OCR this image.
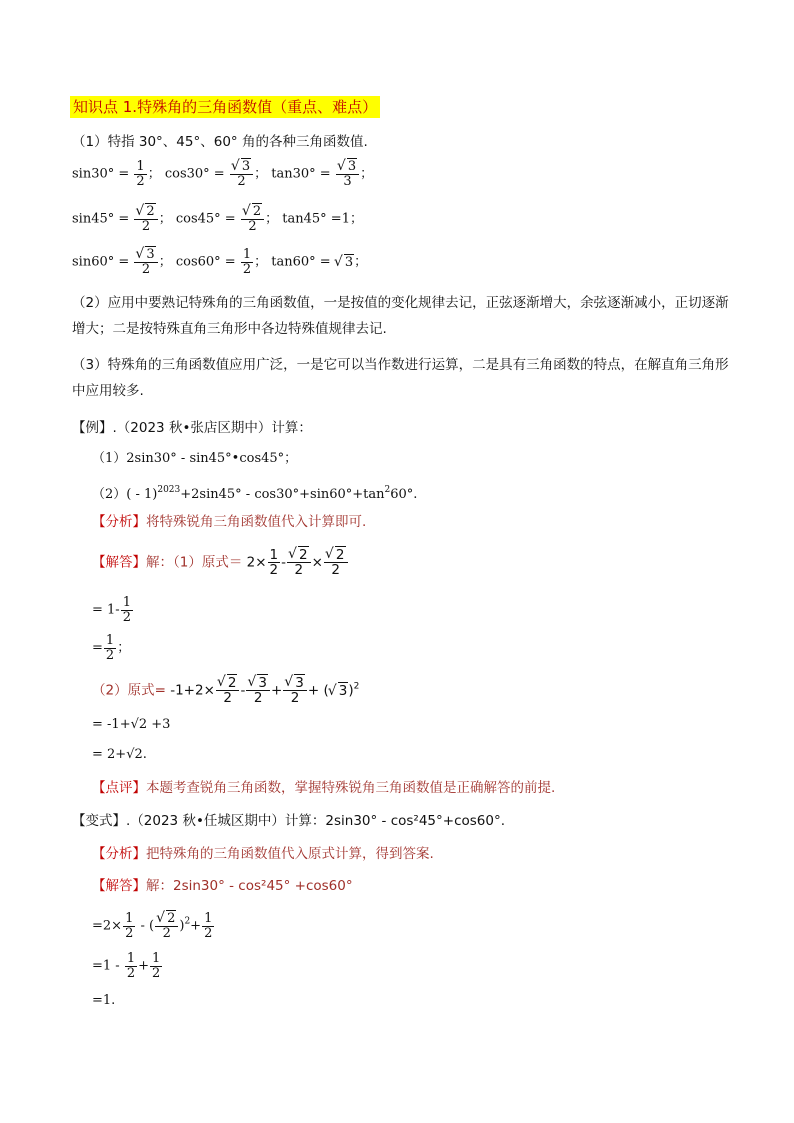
知识点 1.特殊角的三角函数值（重点、难点）
（1）特指 30°、45°、60° 角的各种三角函数值.
$\sin 30^\circ = \frac{1}{2}$ ； cos30° = √ $\frac{3}{2}$ ； tan30° = √ $\frac{3}{3}$ ；
sin45° = √ $\frac{2}{2}$ ； cos45° = √ $\frac{2}{2}$ ； tan45° =1；
sin60° = √ $\frac{3}{2}$ ； $\cos 60^\circ = \frac{1}{2}$ ； tan60° = √ 3；
（2）应用中要熟记特殊角的三角函数值，一是按值的变化规律去记，正弦逐渐增大，余弦逐渐减小，正切逐渐增大；二是按特殊直角三角形中各边特殊值规律去记.
（3）特殊角的三角函数值应用广泛，一是它可以当作数进行运算，二是具有三角函数的特点，在解直角三角形中应用较多.
【例】.（2023 秋•张店区期中）计算：
（1）2sin30° - sin45°•cos45°；
$(2)( - 1)^{2023}+2\sin 45^\circ - \cos 30^\circ+\sin 60^\circ+\tan^260^\circ$.
【分析】将特殊锐角三角函数值代入计算即可.
【解答】解：（1）原式＝ $2\times \frac{1}{2}$ - √ $\frac{2}{2}$ × √ $\frac{2}{2}$
= $1- \frac{1}{2}$
= $\frac{1}{2}$ ；
（2）原式= -1+2× √ $\frac{2}{2}$ - √ $\frac{3}{2}$ + √ $\frac{3}{2}$ + ( √ 3)$^2$
= -1+√2 +3
= 2+√2.
【点评】本题考查锐角三角函数，掌握特殊锐角三角函数值是正确解答的前提.
【变式】.（2023 秋•任城区期中）计算：2sin30° - cos²45°+cos60°.
【分析】把特殊角的三角函数值代入原式计算，得到答案.
【解答】解：2sin30° - cos²45° +cos60°
$=2\times \frac{1}{2}$ - ( √ $\frac{2}{2} )^2+ \frac{1}{2}$
$=1 - \frac{1}{2} + \frac{1}{2}$
=1.
